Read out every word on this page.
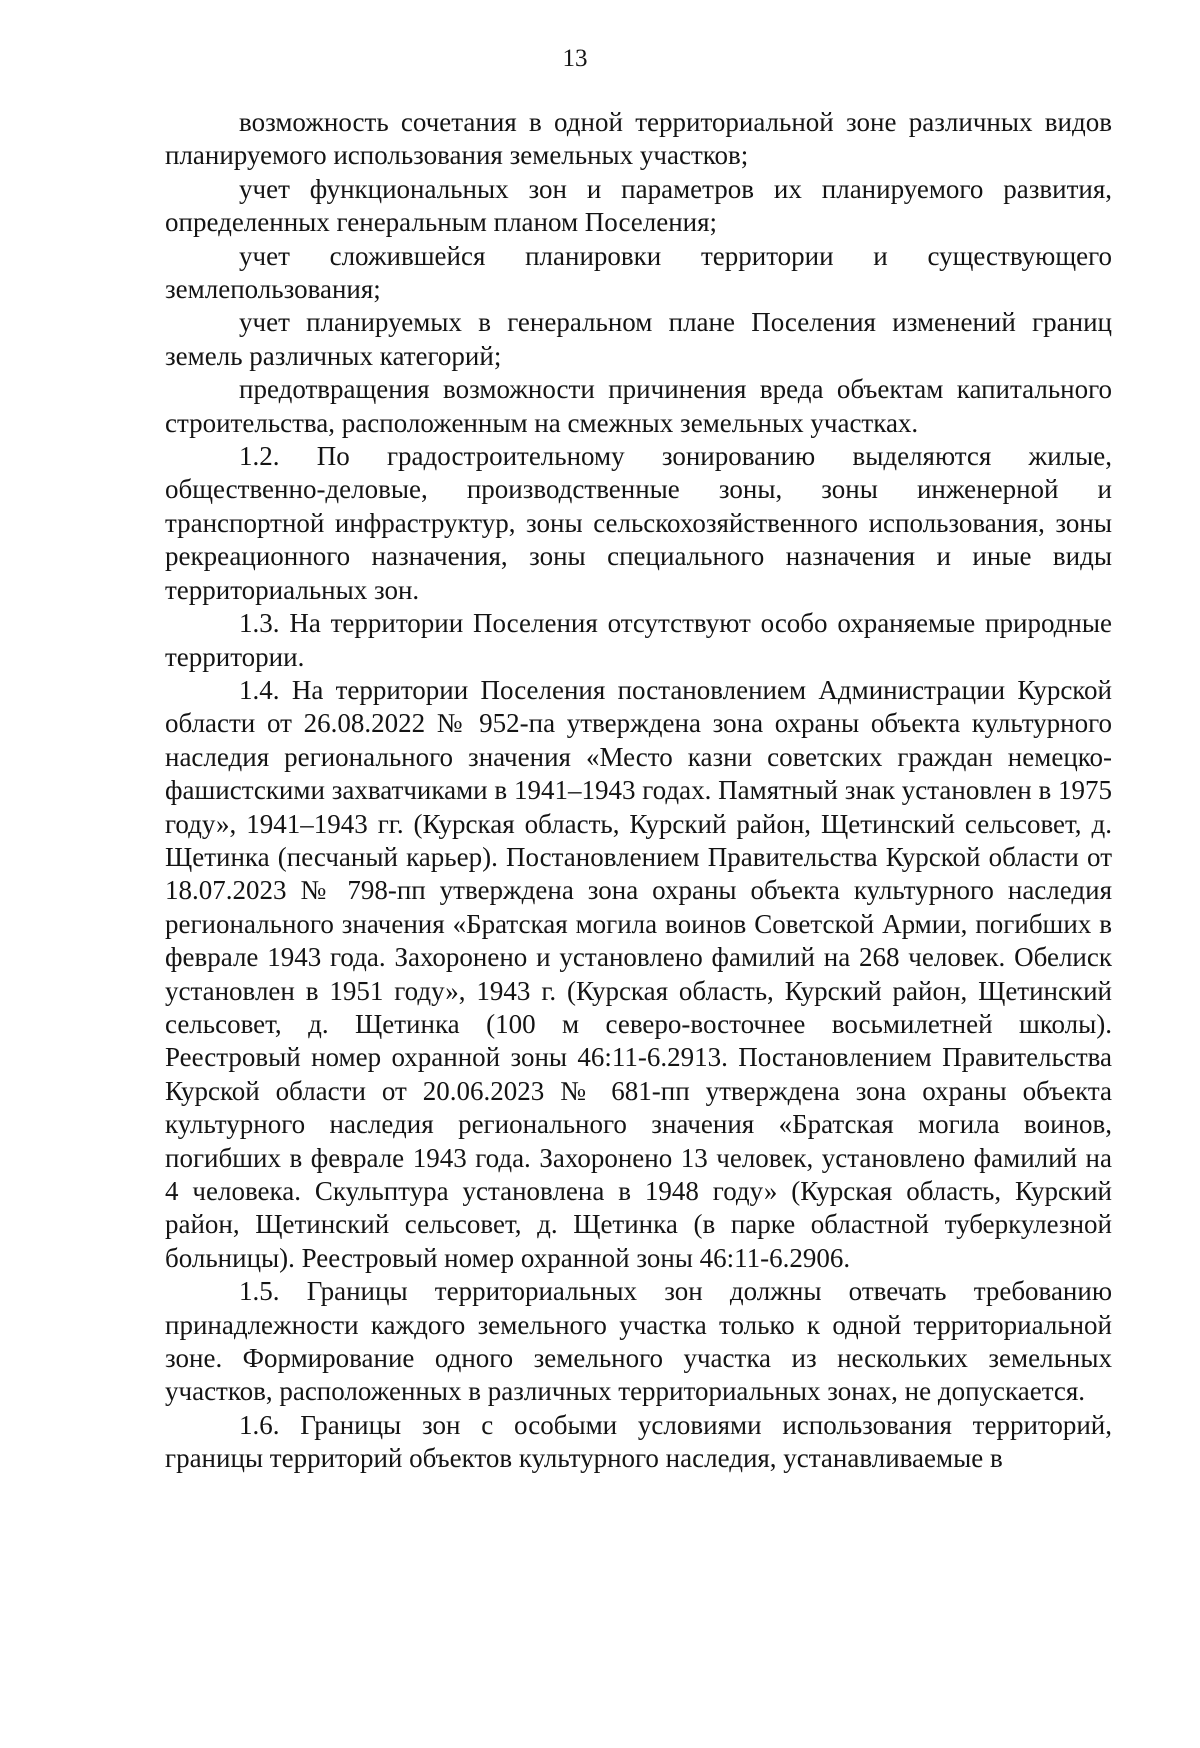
13

возможность сочетания в одной территориальной зоне различных видов планируемого использования земельных участков;

учет функциональных зон и параметров их планируемого развития, определенных генеральным планом Поселения;

учет сложившейся планировки территории и существующего землепользования;

учет планируемых в генеральном плане Поселения изменений границ земель различных категорий;

предотвращения возможности причинения вреда объектам капитального строительства, расположенным на смежных земельных участках.

1.2. По градостроительному зонированию выделяются жилые, общественно-деловые, производственные зоны, зоны инженерной и транспортной инфраструктур, зоны сельскохозяйственного использования, зоны рекреационного назначения, зоны специального назначения и иные виды территориальных зон.

1.3. На территории Поселения отсутствуют особо охраняемые природные территории.

1.4. На территории Поселения постановлением Администрации Курской области от 26.08.2022 № 952-па утверждена зона охраны объекта культурного наследия регионального значения «Место казни советских граждан немецко-фашистскими захватчиками в 1941–1943 годах. Памятный знак установлен в 1975 году», 1941–1943 гг. (Курская область, Курский район, Щетинский сельсовет, д. Щетинка (песчаный карьер). Постановлением Правительства Курской области от 18.07.2023 № 798-пп утверждена зона охраны объекта культурного наследия регионального значения «Братская могила воинов Советской Армии, погибших в феврале 1943 года. Захоронено и установлено фамилий на 268 человек. Обелиск установлен в 1951 году», 1943 г. (Курская область, Курский район, Щетинский сельсовет, д. Щетинка (100 м северо-восточнее восьмилетней школы). Реестровый номер охранной зоны 46:11-6.2913. Постановлением Правительства Курской области от 20.06.2023 № 681-пп утверждена зона охраны объекта культурного наследия регионального значения «Братская могила воинов, погибших в феврале 1943 года. Захоронено 13 человек, установлено фамилий на 4 человека. Скульптура установлена в 1948 году» (Курская область, Курский район, Щетинский сельсовет, д. Щетинка (в парке областной туберкулезной больницы). Реестровый номер охранной зоны 46:11-6.2906.

1.5. Границы территориальных зон должны отвечать требованию принадлежности каждого земельного участка только к одной территориальной зоне. Формирование одного земельного участка из нескольких земельных участков, расположенных в различных территориальных зонах, не допускается.

1.6. Границы зон с особыми условиями использования территорий, границы территорий объектов культурного наследия, устанавливаемые в
